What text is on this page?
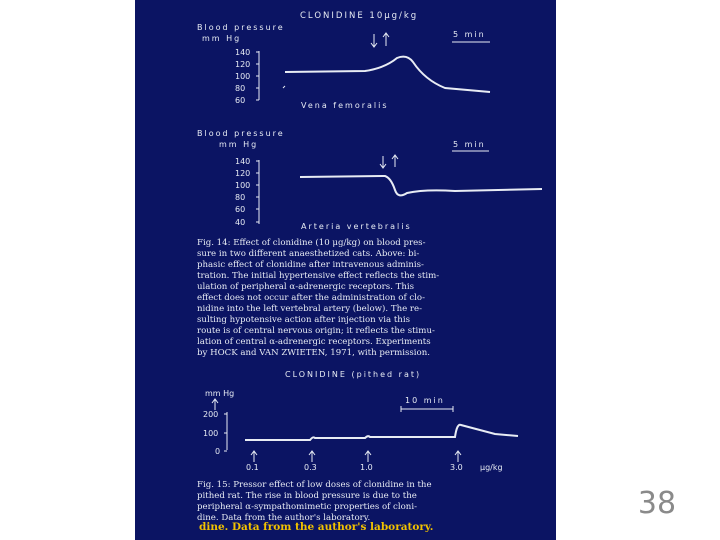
CLONIDINE 10μg/kg
Blood pressure
mm Hg	5 min
140
120
100
80
60
Vena femoralis
Blood pressure
mm Hg	5 min
140
120
100
80
60
40	Arteria vertebralis
Fig. 14: Effect of clonidine (10 μg/kg) on blood pres-
sure in two different anaesthetized cats. Above: bi-
phasic effect of clonidine after intravenous adminis-
tration. The initial hypertensive effect reflects the stim-
ulation of peripheral α-adrenergic receptors. This
effect does not occur after the administration of clo-
nidine into the left vertebral artery (below). The re-
sulting hypotensive action after injection via this
route is of central nervous origin; it reflects the stimu-
lation of central α-adrenergic receptors. Experiments
by HOCK and VAN ZWIETEN, 1971, with permission.
CLONIDINE (pithed rat)
mm Hg
200
100
0
10 min
0.1	0.3	1.0	3.0 μg/kg
Fig. 15: Pressor effect of low doses of clonidine in the
pithed rat. The rise in blood pressure is due to the
peripheral α-sympathomimetic properties of cloni-
dine. Data from the author's laboratory.
dine. Data from the author's laboratory.
38
